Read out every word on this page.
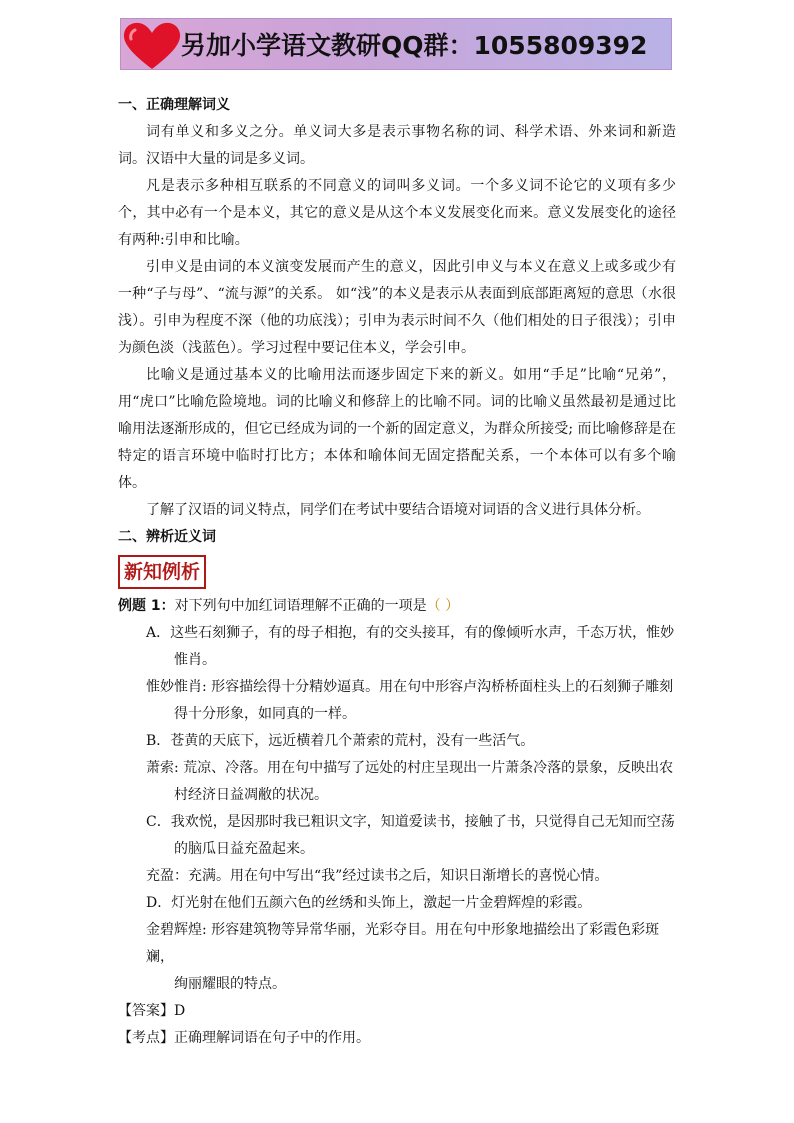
另加小学语文教研QQ群：1055809392
一、正确理解词义

词有单义和多义之分。单义词大多是表示事物名称的词、科学术语、外来词和新造词。汉语中大量的词是多义词。

凡是表示多种相互联系的不同意义的词叫多义词。一个多义词不论它的义项有多少个，其中必有一个是本义，其它的意义是从这个本义发展变化而来。意义发展变化的途径有两种:引申和比喻。

引申义是由词的本义演变发展而产生的意义，因此引申义与本义在意义上或多或少有一种“子与母”、“流与源”的关系。 如“浅”的本义是表示从表面到底部距离短的意思（水很浅）。引申为程度不深（他的功底浅）；引申为表示时间不久（他们相处的日子很浅）；引申为颜色淡（浅蓝色）。学习过程中要记住本义，学会引申。

比喻义是通过基本义的比喻用法而逐步固定下来的新义。如用“手足”比喻“兄弟”，用“虎口”比喻危险境地。词的比喻义和修辞上的比喻不同。词的比喻义虽然最初是通过比喻用法逐渐形成的，但它已经成为词的一个新的固定意义，为群众所接受; 而比喻修辞是在特定的语言环境中临时打比方；本体和喻体间无固定搭配关系，一个本体可以有多个喻体。

了解了汉语的词义特点，同学们在考试中要结合语境对词语的含义进行具体分析。

二、辨析近义词
新知例析

例题 1：对下列句中加红词语理解不正确的一项是（ ）

A．这些石刻狮子，有的母子相抱，有的交头接耳，有的像倾听水声，千态万状，惟妙
惟肖。
惟妙惟肖: 形容描绘得十分精妙逼真。用在句中形容卢沟桥桥面柱头上的石刻狮子雕刻
得十分形象，如同真的一样。
B．苍黄的天底下，远近横着几个萧索的荒村，没有一些活气。
萧索: 荒凉、冷落。用在句中描写了远处的村庄呈现出一片萧条冷落的景象，反映出农
村经济日益凋敝的状况。
C．我欢悦，是因那时我已粗识文字，知道爱读书，接触了书，只觉得自己无知而空荡
的脑瓜日益充盈起来。
充盈：充满。用在句中写出“我”经过读书之后，知识日渐增长的喜悦心情。
D．灯光射在他们五颜六色的丝绣和头饰上，激起一片金碧辉煌的彩霞。
金碧辉煌: 形容建筑物等异常华丽，光彩夺目。用在句中形象地描绘出了彩霞色彩斑斓，
绚丽耀眼的特点。

【答案】D

【考点】正确理解词语在句子中的作用。
